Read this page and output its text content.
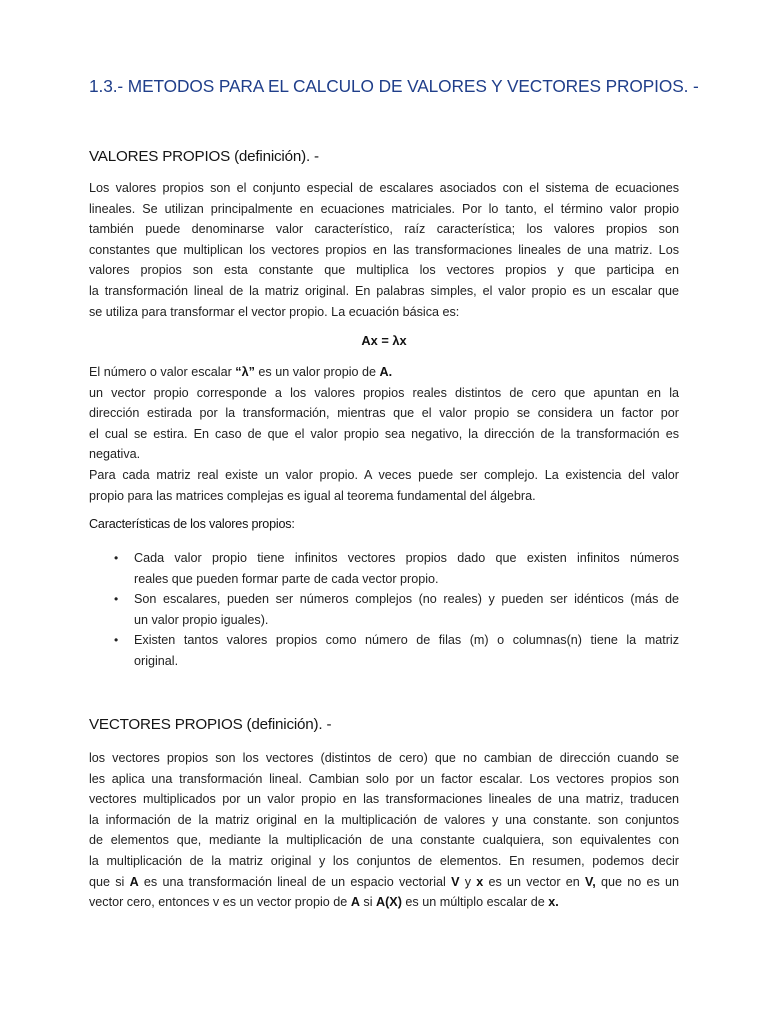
1.3.- METODOS PARA EL CALCULO DE VALORES Y VECTORES PROPIOS. -
VALORES PROPIOS (definición). -
Los valores propios son el conjunto especial de escalares asociados con el sistema de ecuaciones
lineales. Se utilizan principalmente en ecuaciones matriciales. Por lo tanto, el término valor propio
también puede denominarse valor característico, raíz característica; los valores propios son
constantes que multiplican los vectores propios en las transformaciones lineales de una matriz. Los
valores propios son esta constante que multiplica los vectores propios y que participa en
la transformación lineal de la matriz original. En palabras simples, el valor propio es un escalar que
se utiliza para transformar el vector propio. La ecuación básica es:

Ax = λx

El número o valor escalar “λ” es un valor propio de A.
un vector propio corresponde a los valores propios reales distintos de cero que apuntan en la
dirección estirada por la transformación, mientras que el valor propio se considera un factor por
el cual se estira. En caso de que el valor propio sea negativo, la dirección de la transformación es
negativa.
Para cada matriz real existe un valor propio. A veces puede ser complejo. La existencia del valor
propio para las matrices complejas es igual al teorema fundamental del álgebra.

Características de los valores propios:

• Cada valor propio tiene infinitos vectores propios dado que existen infinitos números
reales que pueden formar parte de cada vector propio.
• Son escalares, pueden ser números complejos (no reales) y pueden ser idénticos (más de
un valor propio iguales).
• Existen tantos valores propios como número de filas (m) o columnas(n) tiene la matriz
original.
VECTORES PROPIOS (definición). -
los vectores propios son los vectores (distintos de cero) que no cambian de dirección cuando se
les aplica una transformación lineal. Cambian solo por un factor escalar. Los vectores propios son
vectores multiplicados por un valor propio en las transformaciones lineales de una matriz, traducen
la información de la matriz original en la multiplicación de valores y una constante. son conjuntos
de elementos que, mediante la multiplicación de una constante cualquiera, son equivalentes con
la multiplicación de la matriz original y los conjuntos de elementos. En resumen, podemos decir
que si A es una transformación lineal de un espacio vectorial V y x es un vector en V, que no es un
vector cero, entonces v es un vector propio de A si A(X) es un múltiplo escalar de x.
